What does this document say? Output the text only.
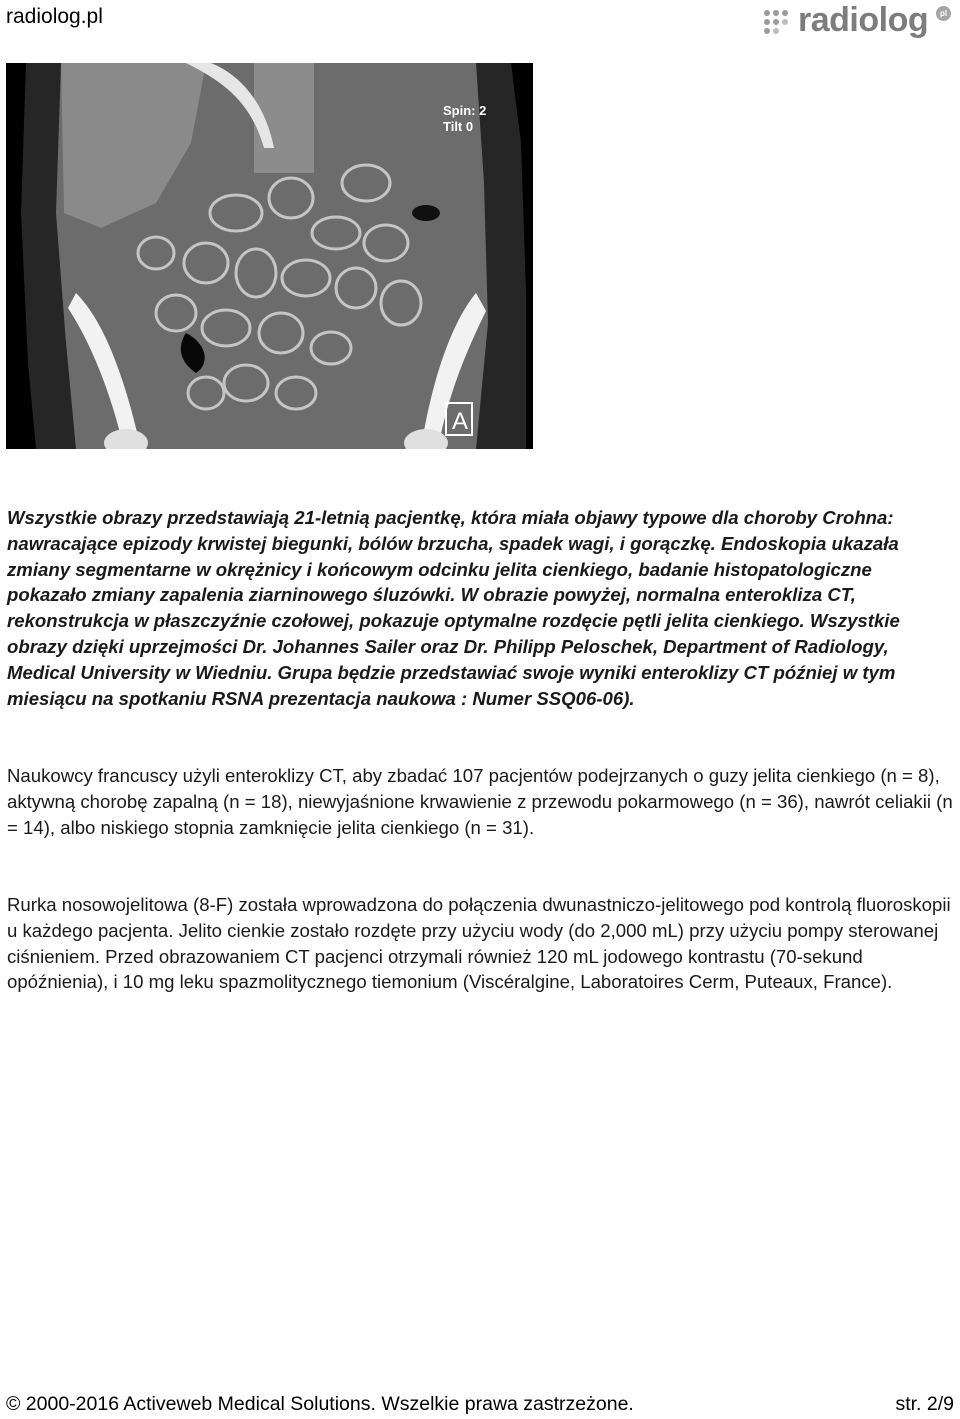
radiolog.pl	radiolog	pl
Spin: 2
Tilt 0
A

Wszystkie obrazy przedstawiają 21-letnią pacjentkę, która miała objawy typowe dla choroby Crohna: nawracające epizody krwistej biegunki, bólów brzucha, spadek wagi, i gorączkę. Endoskopia ukazała zmiany segmentarne w okrężnicy i końcowym odcinku jelita cienkiego, badanie histopatologiczne pokazało zmiany zapalenia ziarninowego śluzówki. W obrazie powyżej, normalna enterokliza CT, rekonstrukcja w płaszczyźnie czołowej, pokazuje optymalne rozdęcie pętli jelita cienkiego. Wszystkie obrazy dzięki uprzejmości Dr. Johannes Sailer oraz Dr. Philipp Peloschek, Department of Radiology, Medical University w Wiedniu. Grupa będzie przedstawiać swoje wyniki enteroklizy CT później w tym miesiącu na spotkaniu RSNA prezentacja naukowa : Numer SSQ06-06).

Naukowcy francuscy użyli enteroklizy CT, aby zbadać 107 pacjentów podejrzanych o guzy jelita cienkiego (n = 8), aktywną chorobę zapalną (n = 18), niewyjaśnione krwawienie z przewodu pokarmowego (n = 36), nawrót celiakii (n = 14), albo niskiego stopnia zamknięcie jelita cienkiego (n = 31).

Rurka nosowojelitowa (8-F) została wprowadzona do połączenia dwunastniczo-jelitowego pod kontrolą fluoroskopii u każdego pacjenta. Jelito cienkie zostało rozdęte przy użyciu wody (do 2,000 mL) przy użyciu pompy sterowanej ciśnieniem. Przed obrazowaniem CT pacjenci otrzymali również 120 mL jodowego kontrastu (70-sekund opóźnienia), i 10 mg leku spazmolitycznego tiemonium (Viscéralgine, Laboratoires Cerm, Puteaux, France).

© 2000-2016 Activeweb Medical Solutions. Wszelkie prawa zastrzeżone.	str. 2/9
